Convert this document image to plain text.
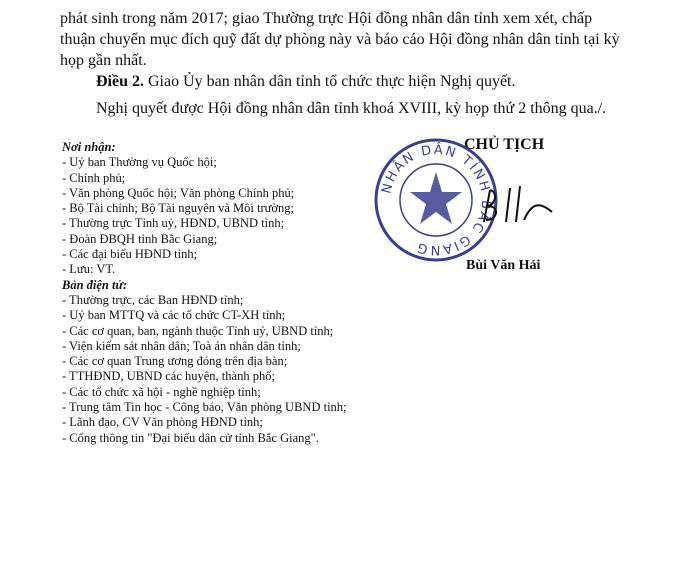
phát sinh trong năm 2017; giao Thường trực Hội đồng nhân dân tỉnh xem xét, chấp thuận chuyển mục đích quỹ đất dự phòng này và báo cáo Hội đồng nhân dân tỉnh tại kỳ họp gần nhất.

Điều 2. Giao Ủy ban nhân dân tỉnh tổ chức thực hiện Nghị quyết.

Nghị quyết được Hội đồng nhân dân tỉnh khoá XVIII, kỳ họp thứ 2 thông qua./.

Nơi nhận:
- Uỷ ban Thường vụ Quốc hội;
- Chính phủ;
- Văn phòng Quốc hội; Văn phòng Chính phủ;
- Bộ Tài chính; Bộ Tài nguyên và Môi trường;
- Thường trực Tỉnh uỷ, HĐND, UBND tỉnh;
- Đoàn ĐBQH tỉnh Bắc Giang;
- Các đại biểu HĐND tỉnh;
- Lưu: VT.
Bản điện tử:
- Thường trực, các Ban HĐND tỉnh;
- Uỷ ban MTTQ và các tổ chức CT-XH tỉnh;
- Các cơ quan, ban, ngành thuộc Tỉnh uỷ, UBND tỉnh;
- Viện kiểm sát nhân dân; Toà án nhân dân tỉnh;
- Các cơ quan Trung ương đóng trên địa bàn;
- TTHĐND, UBND các huyện, thành phố;
- Các tổ chức xã hội - nghề nghiệp tỉnh;
- Trung tâm Tin học - Công báo, Văn phòng UBND tỉnh;
- Lãnh đạo, CV Văn phòng HĐND tỉnh;
- Cổng thông tin "Đại biểu dân cử tỉnh Bắc Giang".
CHỦ TỊCH
NHÂN DÂN TỈNH BẮC GIANG
Bùi Văn Hải
